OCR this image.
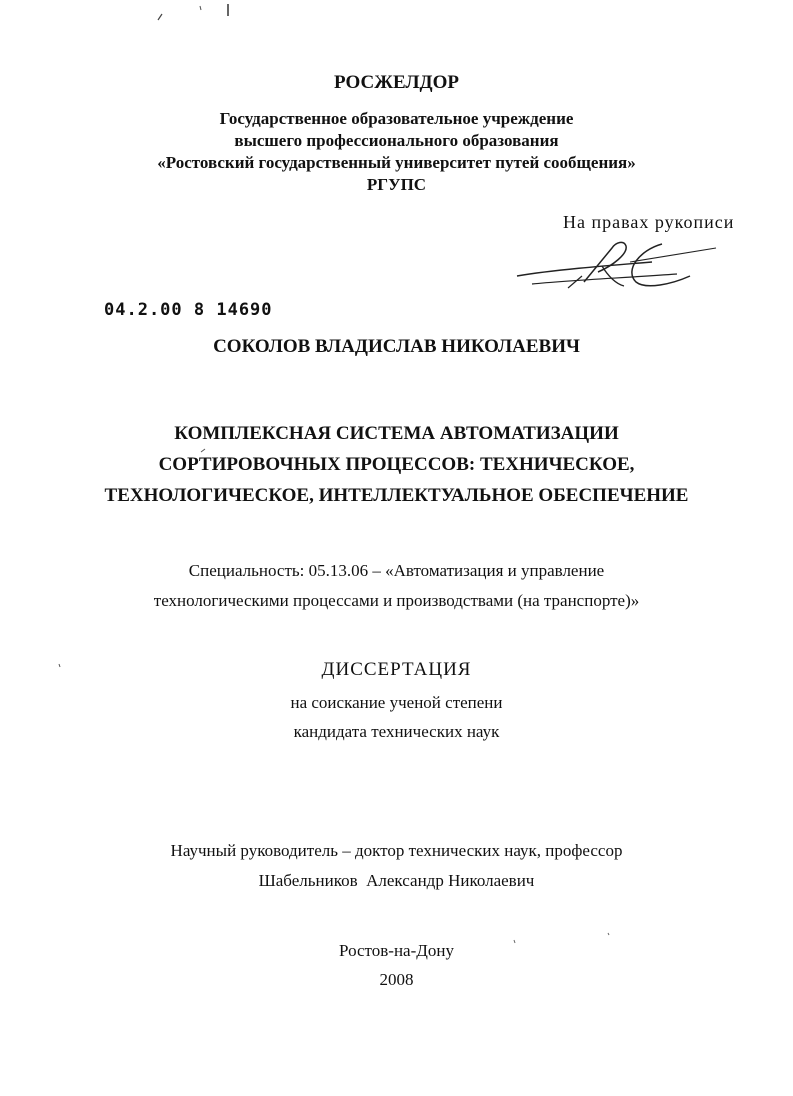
РОСЖЕЛДОР
Государственное образовательное учреждение
высшего профессионального образования
«Ростовский государственный университет путей сообщения»
РГУПС
На правах рукописи
04.2.00 8 14690
СОКОЛОВ ВЛАДИСЛАВ НИКОЛАЕВИЧ
КОМПЛЕКСНАЯ СИСТЕМА АВТОМАТИЗАЦИИ
СОРТИРОВОЧНЫХ ПРОЦЕССОВ: ТЕХНИЧЕСКОЕ,
ТЕХНОЛОГИЧЕСКОЕ, ИНТЕЛЛЕКТУАЛЬНОЕ ОБЕСПЕЧЕНИЕ
Специальность: 05.13.06 – «Автоматизация и управление
технологическими процессами и производствами (на транспорте)»
ДИССЕРТАЦИЯ
на соискание ученой степени
кандидата технических наук
Научный руководитель – доктор технических наук, профессор
Шабельников  Александр Николаевич
Ростов-на-Дону
2008
